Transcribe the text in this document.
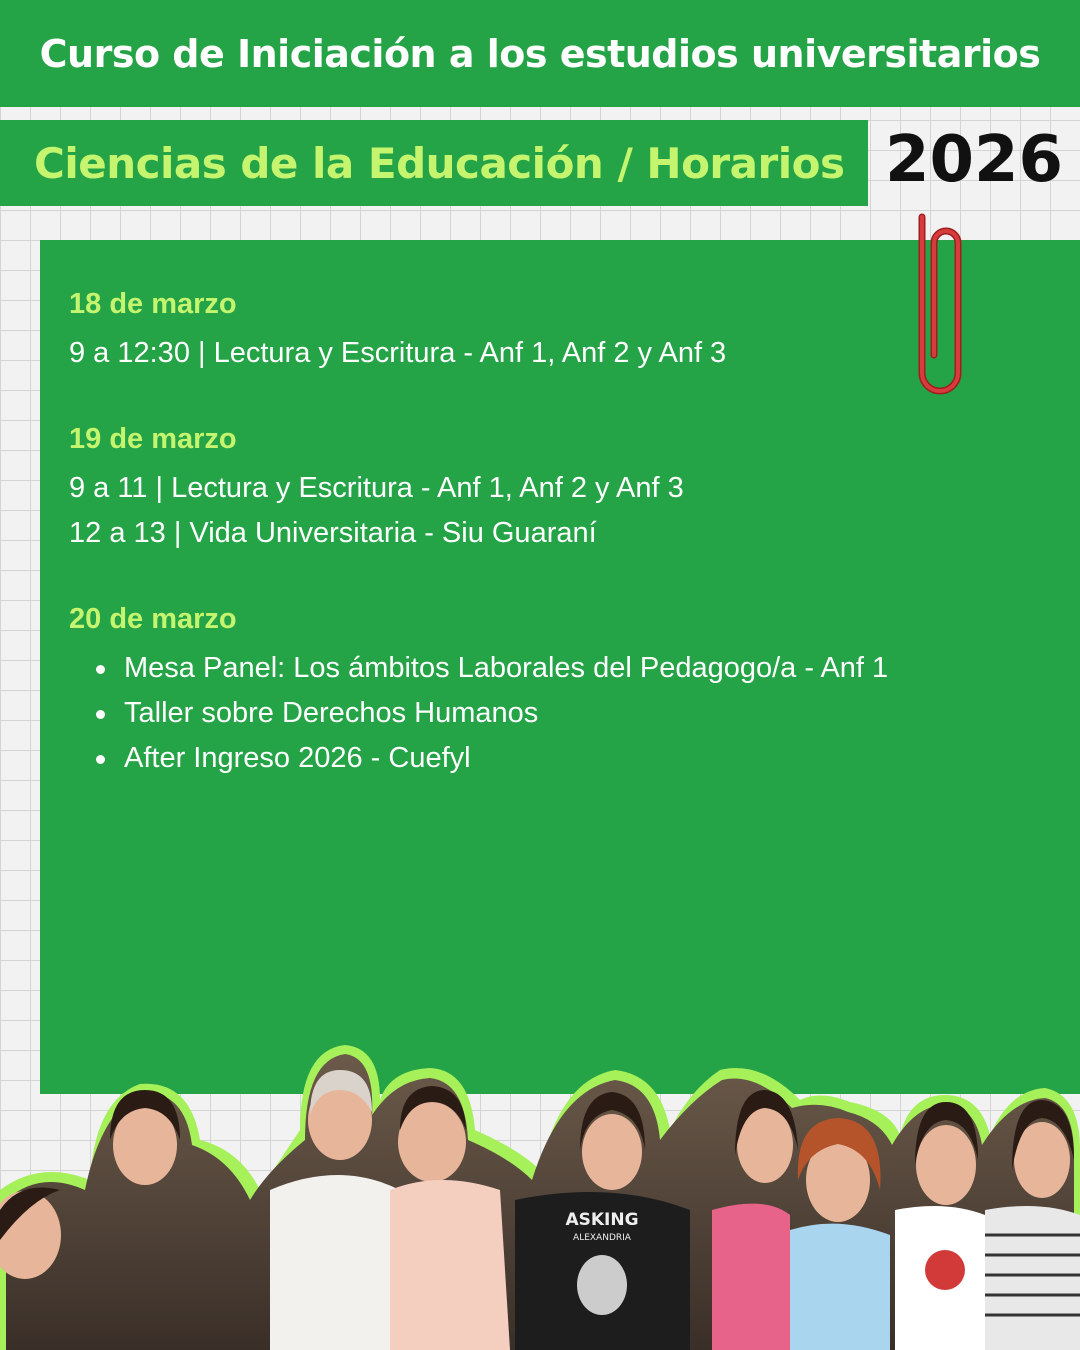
Curso de Iniciación a los estudios universitarios
Ciencias de la Educación / Horarios 2026
18 de marzo
9 a 12:30 | Lectura y Escritura - Anf 1, Anf 2 y Anf 3
19 de marzo
9 a 11 | Lectura y Escritura - Anf 1, Anf 2 y Anf 3
12 a 13 | Vida Universitaria - Siu Guaraní
20 de marzo
Mesa Panel: Los ámbitos Laborales del Pedagogo/a - Anf 1
Taller sobre Derechos Humanos
After Ingreso 2026 - Cuefyl
ASKING
ALEXANDRIA
